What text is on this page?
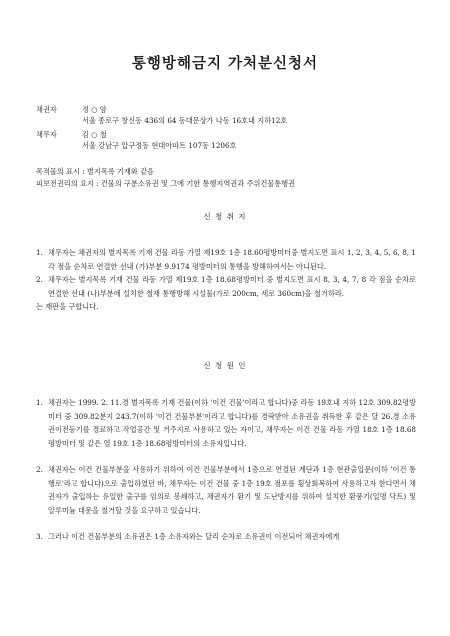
통행방해금지 가처분신청서
채권자	정 ○ 암
서울 종로구 창신동 436의 64 동대문상가 나동 16호내 지하12호
채무자	김 ○ 철
서울 강남구 압구정동 현대아파트 107동 1206호
목적물의 표시 : 별지목록 기재와 같음
피보전권리의 요지 : 건물의 구분소유권 및 그에 기한 통행지역권과 주위건물통행권
신 청 취 지
1. 채무자는 채권자의 별지목록 기재 건물 라동 가열 제19호 1층 18.60평방미터중 별지도면 표시 1, 2, 3, 4, 5, 6, 8, 1 각 점을 순차로 연결한 선내 (가)부분 9.9174 평방미터의 통행을 방해하여서는 아니된다.
2. 채무자는 별지목록 기재 건물 라동 가열 제19호 1층 18.68평방미터 중 별지도면 표시 8, 3, 4, 7, 8 각 점을 순차로 연결한 선내 (나)부분에 설치한 철재 통행방해 시설물(가로 200cm, 세로 360cm)을 철거하라.
는 재판을 구합니다.
신 청 원 인
1. 채권자는 1999. 2. 11.경 별지목록 기재 건물(이하 '이건 건물'이라고 합니다)중 라동 19호내 지하 12호 309.82평방미터 중 309.82분지 243.7(이하 '이건 건물부분'이라고 합니다)를 경락받아 소유권을 취득한 후 같은 달 26.경 소유권이전등기를 경료하고 작업공간 및 거주지로 사용하고 있는 자이고, 채무자는 이건 건물 라동 가열 18호 1층 18.68평방미터 및 같은 열 19호 1층 18.68평방미터의 소유자입니다.
2. 채권자는 이건 건물부분을 사용하기 위하여 이건 건물부분에서 1층으로 연결된 계단과 1층 현관출입문(이하 '이건 통행로'라고 합니다)으로 출입하였던 바, 채무자는 이건 건물 중 1층 19호 점포를 횡상회복하여 사용하고자 한다면서 채권자가 출입하는 유일한 출구를 임의로 봉쇄하고, 채권자가 환기 및 도난방지를 위하여 설치한 환풍기(일명 닥트) 및 알루미늄 대문을 철거할 것을 요구하고 있습니다.
3. 그러나 이건 건물부분의 소유권은 1층 소유자와는 달리 순차로 소유권이 이전되어 채권자에게
